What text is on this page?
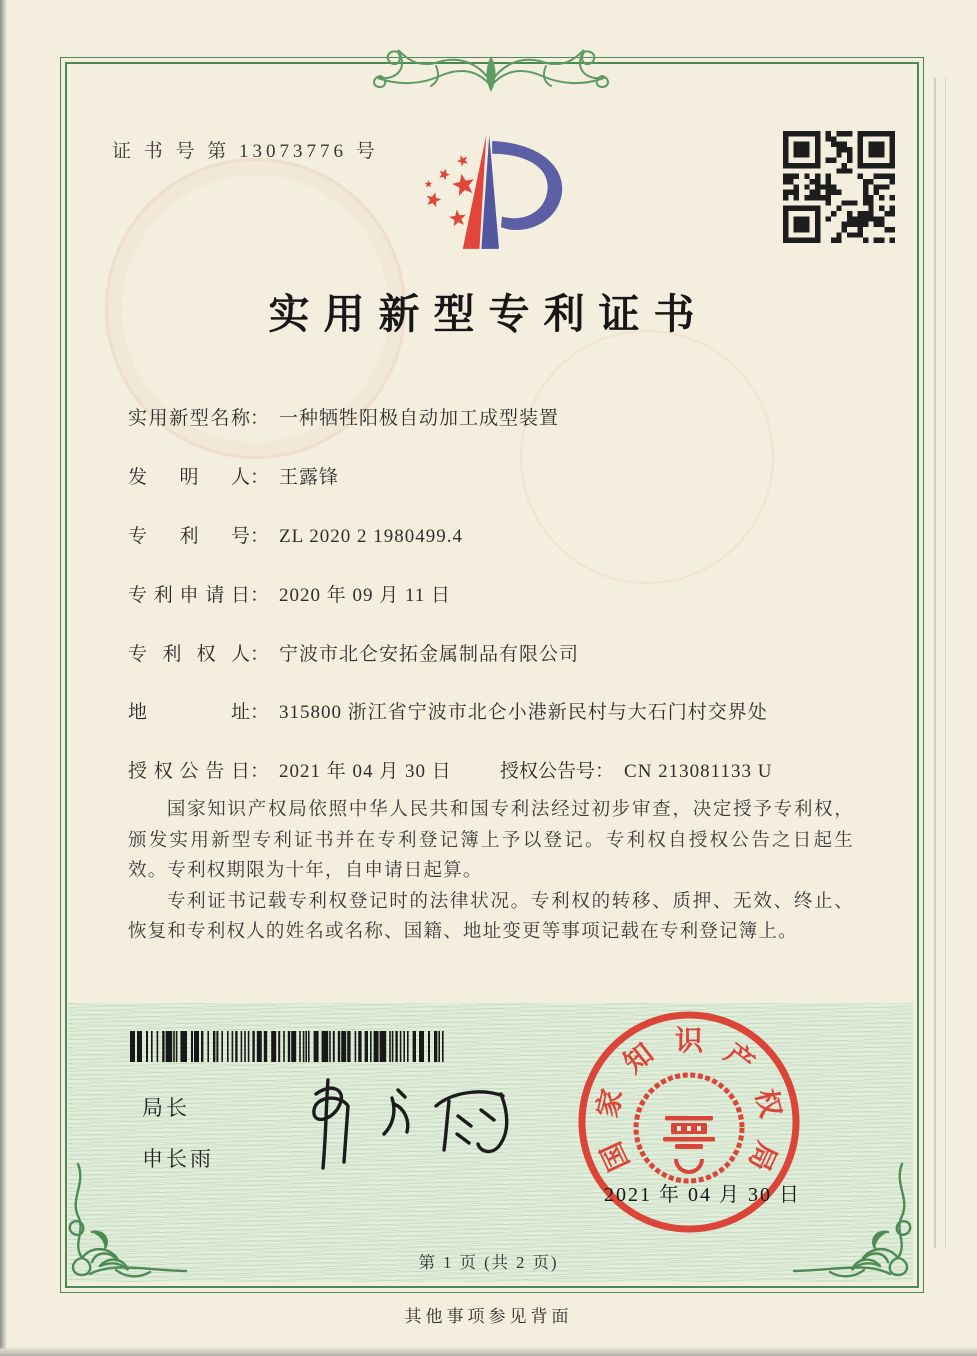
证 书 号 第 13073776 号
实用新型专利证书
实用新型名称： 一种牺牲阳极自动加工成型装置
发 明 人： 王露锋
专 利 号： ZL 2020 2 1980499.4
专利申请日： 2020 年 09 月 11 日
专 利 权 人： 宁波市北仑安拓金属制品有限公司
地 址： 315800 浙江省宁波市北仑小港新民村与大石门村交界处
授权公告日： 2021 年 04 月 30 日	授权公告号： CN 213081133 U

国家知识产权局依照中华人民共和国专利法经过初步审查，决定授予专利权，颁发实用新型专利证书并在专利登记簿上予以登记。专利权自授权公告之日起生效。专利权期限为十年，自申请日起算。

专利证书记载专利权登记时的法律状况。专利权的转移、质押、无效、终止、恢复和专利权人的姓名或名称、国籍、地址变更等事项记载在专利登记簿上。

局长
申长雨	国
家
知 识 产
权
局
2021 年 04 月 30 日
第 1 页 (共 2 页)
其他事项参见背面
